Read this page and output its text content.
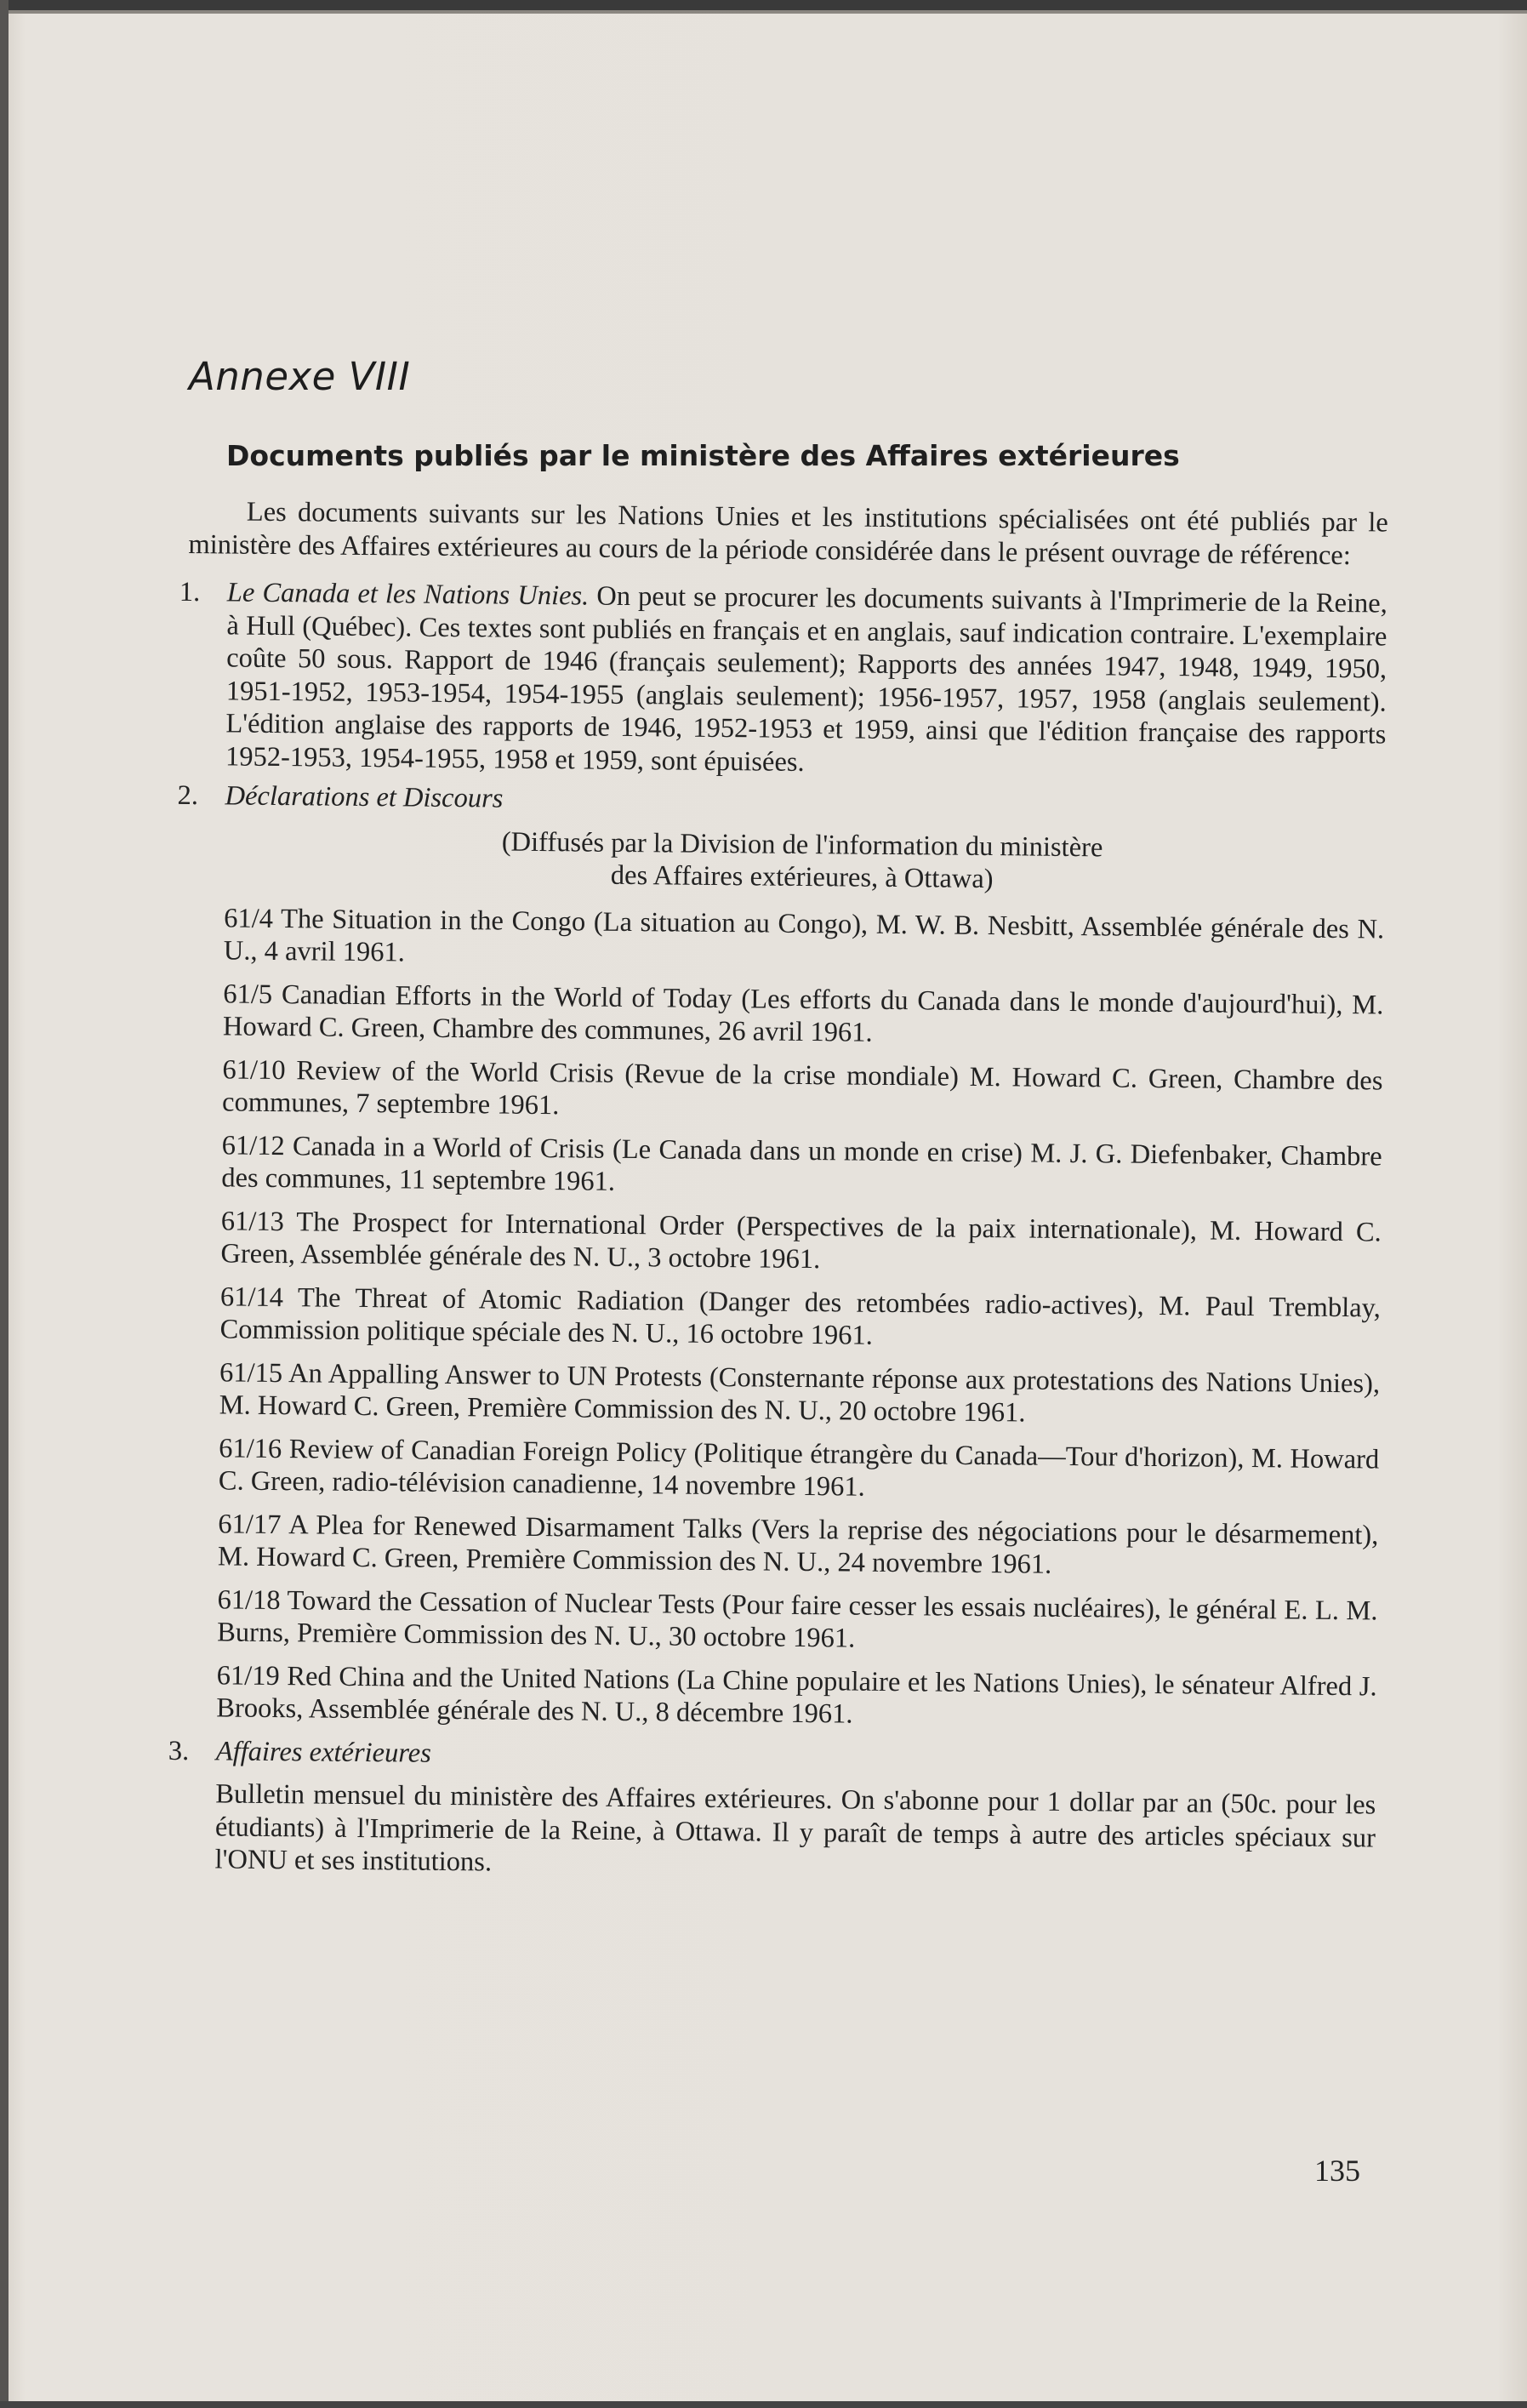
Annexe VIII
Documents publiés par le ministère des Affaires extérieures

Les documents suivants sur les Nations Unies et les institutions spécialisées ont été publiés par le ministère des Affaires extérieures au cours de la période considérée dans le présent ouvrage de référence:

1. Le Canada et les Nations Unies. On peut se procurer les documents suivants à l'Imprimerie de la Reine, à Hull (Québec). Ces textes sont publiés en français et en anglais, sauf indication contraire. L'exemplaire coûte 50 sous. Rapport de 1946 (français seulement); Rapports des années 1947, 1948, 1949, 1950, 1951-1952, 1953-1954, 1954-1955 (anglais seulement); 1956-1957, 1957, 1958 (anglais seulement). L'édition anglaise des rapports de 1946, 1952-1953 et 1959, ainsi que l'édition française des rapports 1952-1953, 1954-1955, 1958 et 1959, sont épuisées.
2. Déclarations et Discours
(Diffusés par la Division de l'information du ministère
des Affaires extérieures, à Ottawa)

61/4 The Situation in the Congo (La situation au Congo), M. W. B. Nesbitt, Assemblée générale des N. U., 4 avril 1961.

61/5 Canadian Efforts in the World of Today (Les efforts du Canada dans le monde d'aujourd'hui), M. Howard C. Green, Chambre des communes, 26 avril 1961.

61/10 Review of the World Crisis (Revue de la crise mondiale) M. Howard C. Green, Chambre des communes, 7 septembre 1961.

61/12 Canada in a World of Crisis (Le Canada dans un monde en crise) M. J. G. Diefenbaker, Chambre des communes, 11 septembre 1961.

61/13 The Prospect for International Order (Perspectives de la paix internationale), M. Howard C. Green, Assemblée générale des N. U., 3 octobre 1961.

61/14 The Threat of Atomic Radiation (Danger des retombées radio-actives), M. Paul Tremblay, Commission politique spéciale des N. U., 16 octobre 1961.

61/15 An Appalling Answer to UN Protests (Consternante réponse aux protestations des Nations Unies), M. Howard C. Green, Première Commission des N. U., 20 octobre 1961.

61/16 Review of Canadian Foreign Policy (Politique étrangère du Canada—Tour d'horizon), M. Howard C. Green, radio-télévision canadienne, 14 novembre 1961.

61/17 A Plea for Renewed Disarmament Talks (Vers la reprise des négociations pour le désarmement), M. Howard C. Green, Première Commission des N. U., 24 novembre 1961.

61/18 Toward the Cessation of Nuclear Tests (Pour faire cesser les essais nucléaires), le général E. L. M. Burns, Première Commission des N. U., 30 octobre 1961.

61/19 Red China and the United Nations (La Chine populaire et les Nations Unies), le sénateur Alfred J. Brooks, Assemblée générale des N. U., 8 décembre 1961.

3. Affaires extérieures

Bulletin mensuel du ministère des Affaires extérieures. On s'abonne pour 1 dollar par an (50c. pour les étudiants) à l'Imprimerie de la Reine, à Ottawa. Il y paraît de temps à autre des articles spéciaux sur l'ONU et ses institutions.

135
